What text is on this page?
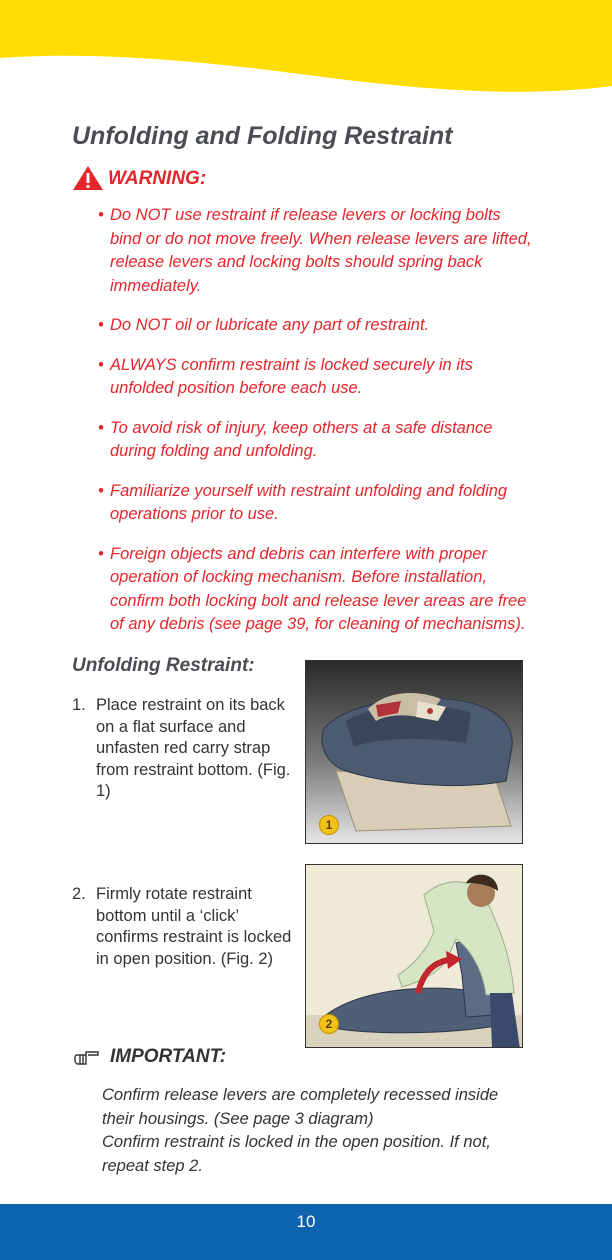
Unfolding and Folding Restraint
WARNING:
• Do NOT use restraint if release levers or locking bolts bind or do not move freely. When release levers are lifted, release levers and locking bolts should spring back immediately.
• Do NOT oil or lubricate any part of restraint.
• ALWAYS confirm restraint is locked securely in its unfolded position before each use.
• To avoid risk of injury, keep others at a safe distance during folding and unfolding.
• Familiarize yourself with restraint unfolding and folding operations prior to use.
• Foreign objects and debris can interfere with proper operation of locking mechanism. Before installation, confirm both locking bolt and release lever areas are free of any debris (see page 39, for cleaning of mechanisms).
Unfolding Restraint:
1. Place restraint on its back on a flat surface and unfasten red carry strap from restraint bottom. (Fig. 1)
1
2. Firmly rotate restraint bottom until a ‘click’ confirms restraint is locked in open position. (Fig. 2)
2
IMPORTANT:
Confirm release levers are completely recessed inside their housings. (See page 3 diagram)
Confirm restraint is locked in the open position. If not, repeat step 2.
10
